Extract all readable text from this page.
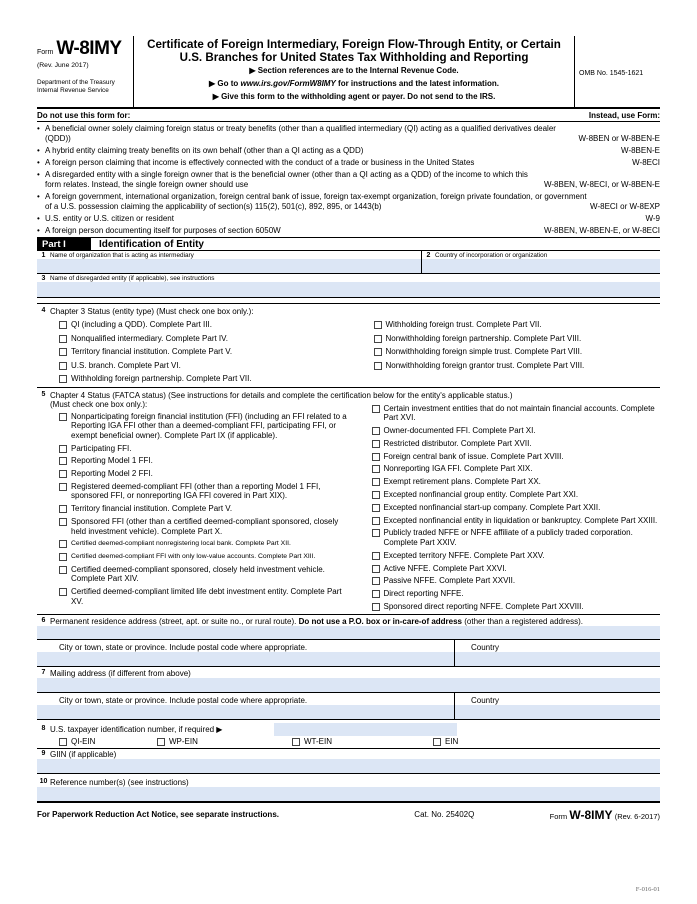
Form W-8IMY
(Rev. June 2017)
Department of the Treasury
Internal Revenue Service
Certificate of Foreign Intermediary, Foreign Flow-Through Entity, or Certain
U.S. Branches for United States Tax Withholding and Reporting
▶ Section references are to the Internal Revenue Code.
▶ Go to www.irs.gov/FormW8IMY for instructions and the latest information.
▶ Give this form to the withholding agent or payer. Do not send to the IRS.
OMB No. 1545-1621
Do not use this form for:	Instead, use Form:
• A beneficial owner solely claiming foreign status or treaty benefits (other than a qualified intermediary (QI) acting as a qualified derivatives dealer (QDD))	W-8BEN or W-8BEN-E
• A hybrid entity claiming treaty benefits on its own behalf (other than a QI acting as a QDD)	W-8BEN-E
• A foreign person claiming that income is effectively connected with the conduct of a trade or business in the United States	W-8ECI
• A disregarded entity with a single foreign owner that is the beneficial owner (other than a QI acting as a QDD) of the income to which this form relates. Instead, the single foreign owner should use	W-8BEN, W-8ECI, or W-8BEN-E
• A foreign government, international organization, foreign central bank of issue, foreign tax-exempt organization, foreign private foundation, or government of a U.S. possession claiming the applicability of section(s) 115(2), 501(c), 892, 895, or 1443(b)	W-8ECI or W-8EXP
• U.S. entity or U.S. citizen or resident	W-9
• A foreign person documenting itself for purposes of section 6050W	W-8BEN, W-8BEN-E, or W-8ECI
Part I	Identification of Entity
1 Name of organization that is acting as intermediary	2 Country of incorporation or organization
3 Name of disregarded entity (if applicable), see instructions
4 Chapter 3 Status (entity type) (Must check one box only.):
QI (including a QDD). Complete Part III.
Nonqualified intermediary. Complete Part IV.
Territory financial institution. Complete Part V.
U.S. branch. Complete Part VI.
Withholding foreign partnership. Complete Part VII.
Withholding foreign trust. Complete Part VII.
Nonwithholding foreign partnership. Complete Part VIII.
Nonwithholding foreign simple trust. Complete Part VIII.
Nonwithholding foreign grantor trust. Complete Part VIII.
5 Chapter 4 Status (FATCA status) (See instructions for details and complete the certification below for the entity's applicable status.)
(Must check one box only.):
Nonparticipating foreign financial institution (FFI) (including an FFI related to a Reporting IGA FFI other than a deemed-compliant FFI, participating FFI, or exempt beneficial owner). Complete Part IX (if applicable).
Participating FFI.
Reporting Model 1 FFI.
Reporting Model 2 FFI.
Registered deemed-compliant FFI (other than a reporting Model 1 FFI, sponsored FFI, or nonreporting IGA FFI covered in Part XIX).
Territory financial institution. Complete Part V.
Sponsored FFI (other than a certified deemed-compliant sponsored, closely held investment vehicle). Complete Part X.
Certified deemed-compliant nonregistering local bank. Complete Part XII.
Certified deemed-compliant FFI with only low-value accounts. Complete Part XIII.
Certified deemed-compliant sponsored, closely held investment vehicle. Complete Part XIV.
Certified deemed-compliant limited life debt investment entity. Complete Part XV.
Certain investment entities that do not maintain financial accounts. Complete Part XVI.
Owner-documented FFI. Complete Part XI.
Restricted distributor. Complete Part XVII.
Foreign central bank of issue. Complete Part XVIII.
Nonreporting IGA FFI. Complete Part XIX.
Exempt retirement plans. Complete Part XX.
Excepted nonfinancial group entity. Complete Part XXI.
Excepted nonfinancial start-up company. Complete Part XXII.
Excepted nonfinancial entity in liquidation or bankruptcy. Complete Part XXIII.
Publicly traded NFFE or NFFE affiliate of a publicly traded corporation. Complete Part XXIV.
Excepted territory NFFE. Complete Part XXV.
Active NFFE. Complete Part XXVI.
Passive NFFE. Complete Part XXVII.
Direct reporting NFFE.
Sponsored direct reporting NFFE. Complete Part XXVIII.
6 Permanent residence address (street, apt. or suite no., or rural route). Do not use a P.O. box or in-care-of address (other than a registered address).
City or town, state or province. Include postal code where appropriate.	Country
7 Mailing address (if different from above)
City or town, state or province. Include postal code where appropriate.	Country
8 U.S. taxpayer identification number, if required ▶
QI-EIN	WP-EIN	WT-EIN	EIN
9 GIIN (if applicable)
10 Reference number(s) (see instructions)
For Paperwork Reduction Act Notice, see separate instructions.	Cat. No. 25402Q	Form W-8IMY (Rev. 6-2017)
F-016-01
